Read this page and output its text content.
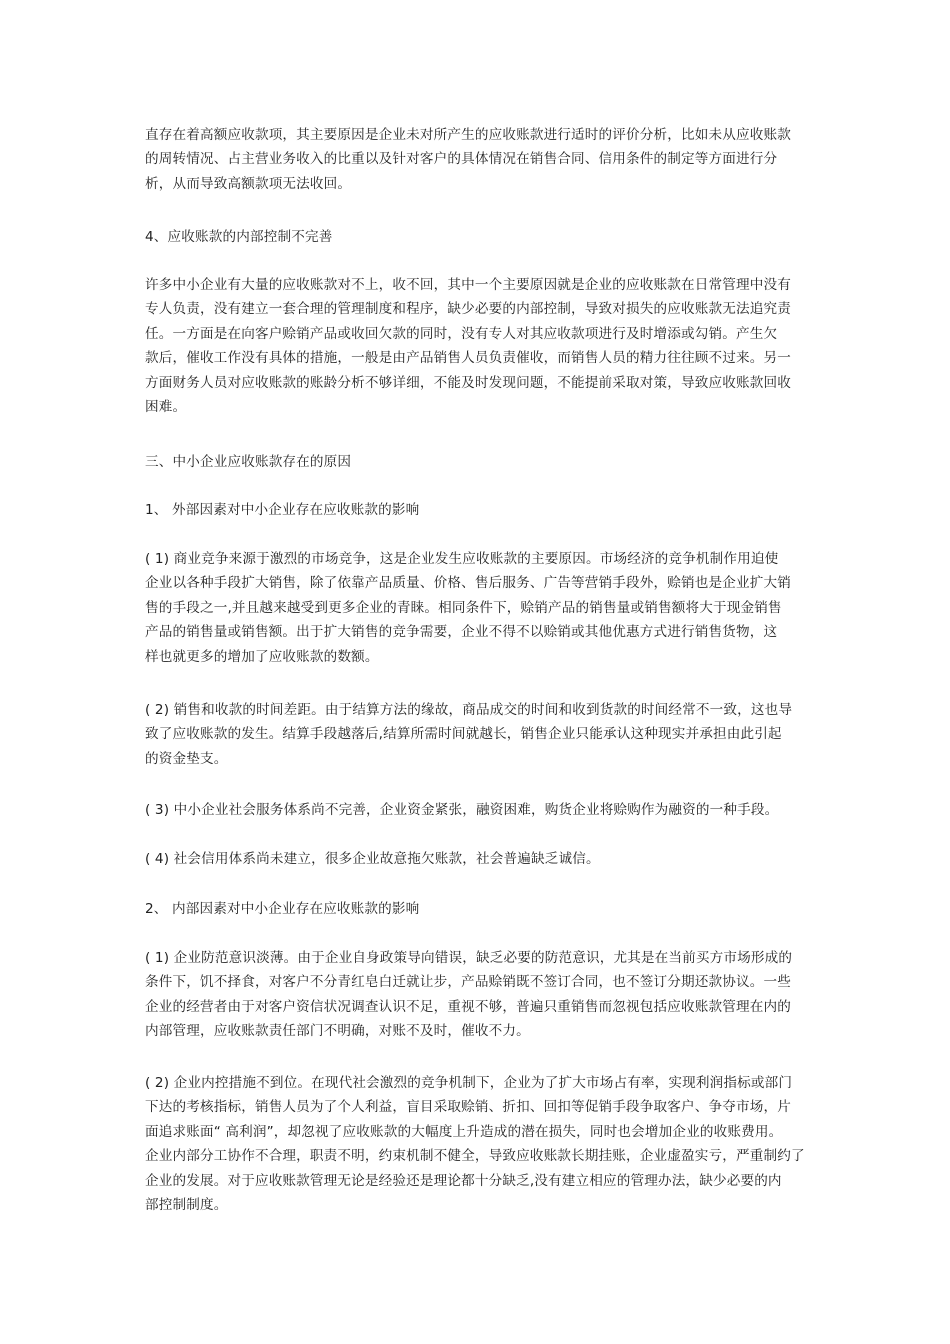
直存在着高额应收款项，其主要原因是企业未对所产生的应收账款进行适时的评价分析，比如未从应收账款
的周转情况、占主营业务收入的比重以及针对客户的具体情况在销售合同、信用条件的制定等方面进行分
析，从而导致高额款项无法收回。
4、应收账款的内部控制不完善
许多中小企业有大量的应收账款对不上，收不回，其中一个主要原因就是企业的应收账款在日常管理中没有
专人负责，没有建立一套合理的管理制度和程序，缺少必要的内部控制，导致对损失的应收账款无法追究责
任。一方面是在向客户赊销产品或收回欠款的同时，没有专人对其应收款项进行及时增添或勾销。产生欠
款后，催收工作没有具体的措施，一般是由产品销售人员负责催收，而销售人员的精力往往顾不过来。另一
方面财务人员对应收账款的账龄分析不够详细，不能及时发现问题，不能提前采取对策，导致应收账款回收
困难。
三、中小企业应收账款存在的原因
1、 外部因素对中小企业存在应收账款的影响
( 1) 商业竞争来源于激烈的市场竞争，这是企业发生应收账款的主要原因。市场经济的竞争机制作用迫使
企业以各种手段扩大销售，除了依靠产品质量、价格、售后服务、广告等营销手段外，赊销也是企业扩大销
售的手段之一,并且越来越受到更多企业的青睐。相同条件下，赊销产品的销售量或销售额将大于现金销售
产品的销售量或销售额。出于扩大销售的竞争需要，企业不得不以赊销或其他优惠方式进行销售货物，这
样也就更多的增加了应收账款的数额。
( 2) 销售和收款的时间差距。由于结算方法的缘故，商品成交的时间和收到货款的时间经常不一致，这也导
致了应收账款的发生。结算手段越落后,结算所需时间就越长，销售企业只能承认这种现实并承担由此引起
的资金垫支。
( 3) 中小企业社会服务体系尚不完善，企业资金紧张，融资困难，购货企业将赊购作为融资的一种手段。
( 4) 社会信用体系尚未建立，很多企业故意拖欠账款，社会普遍缺乏诚信。
2、 内部因素对中小企业存在应收账款的影响
( 1) 企业防范意识淡薄。由于企业自身政策导向错误，缺乏必要的防范意识，尤其是在当前买方市场形成的
条件下，饥不择食，对客户不分青红皂白迁就让步，产品赊销既不签订合同，也不签订分期还款协议。一些
企业的经营者由于对客户资信状况调查认识不足，重视不够，普遍只重销售而忽视包括应收账款管理在内的
内部管理，应收账款责任部门不明确，对账不及时，催收不力。
( 2) 企业内控措施不到位。在现代社会激烈的竞争机制下，企业为了扩大市场占有率，实现利润指标或部门
下达的考核指标，销售人员为了个人利益，盲目采取赊销、折扣、回扣等促销手段争取客户、争夺市场，片
面追求账面“ 高利润”，却忽视了应收账款的大幅度上升造成的潜在损失，同时也会增加企业的收账费用。
企业内部分工协作不合理，职责不明，约束机制不健全，导致应收账款长期挂账，企业虚盈实亏，严重制约了
企业的发展。对于应收账款管理无论是经验还是理论都十分缺乏,没有建立相应的管理办法，缺少必要的内
部控制制度。
